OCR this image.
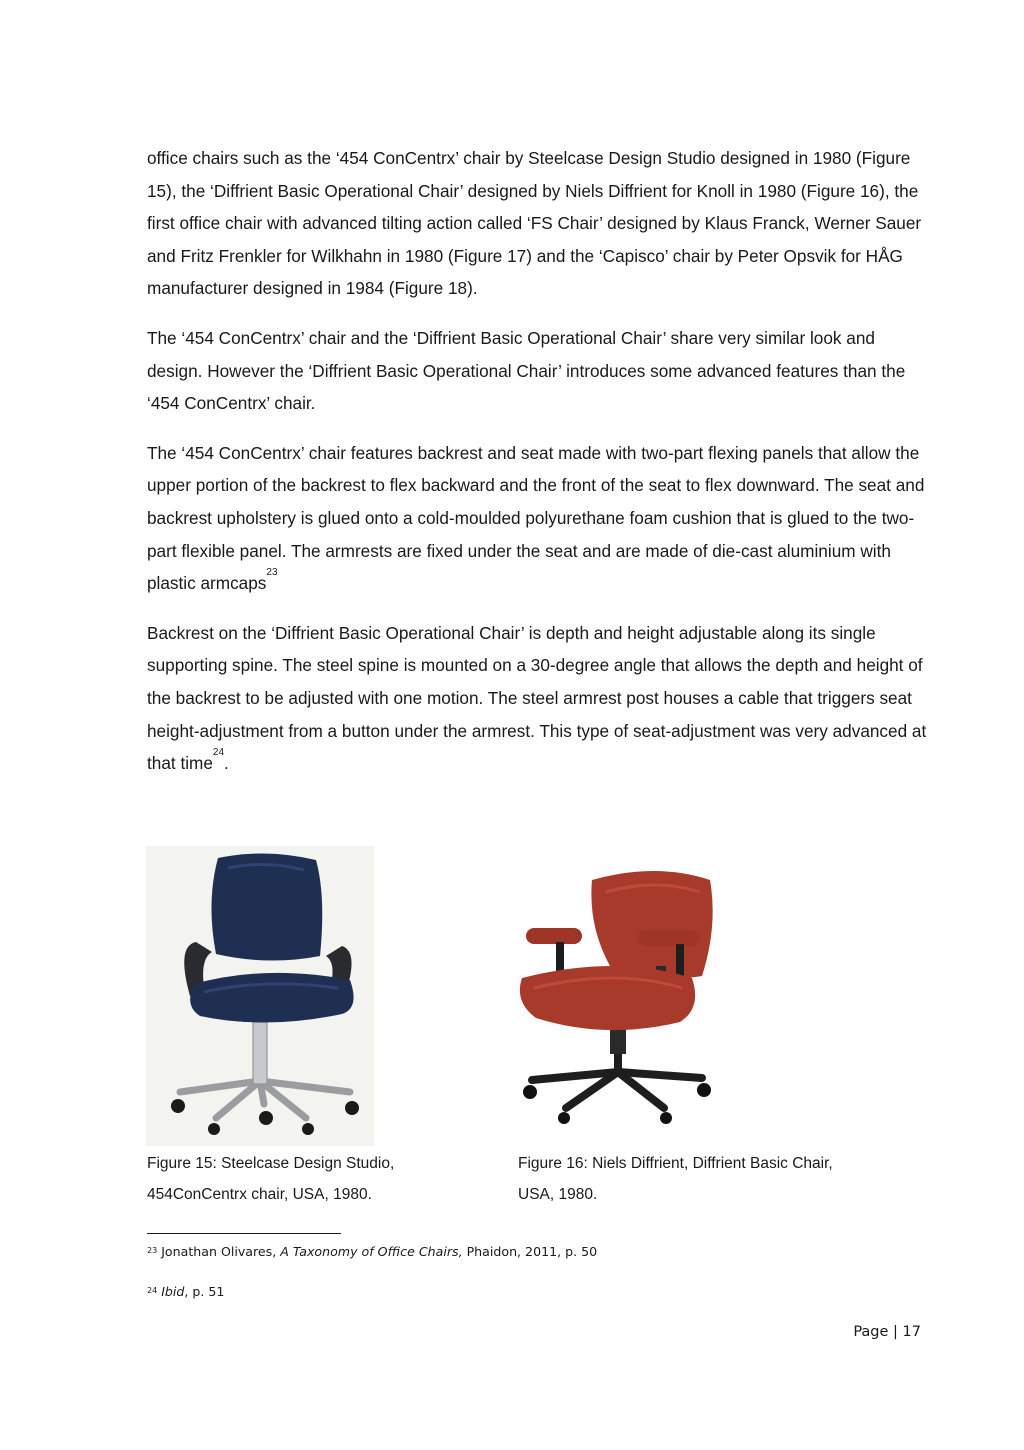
office chairs such as the ‘454 ConCentrx’ chair by Steelcase Design Studio designed in 1980 (Figure 15), the ‘Diffrient Basic Operational Chair’ designed by Niels Diffrient for Knoll in 1980 (Figure 16), the first office chair with advanced tilting action called ‘FS Chair’ designed by Klaus Franck, Werner Sauer and Fritz Frenkler for Wilkhahn in 1980 (Figure 17) and the ‘Capisco’ chair by Peter Opsvik for HÅG manufacturer designed in 1984 (Figure 18).

The ‘454 ConCentrx’ chair and the ‘Diffrient Basic Operational Chair’ share very similar look and design. However the ‘Diffrient Basic Operational Chair’ introduces some advanced features than the ‘454 ConCentrx’ chair.

The ‘454 ConCentrx’ chair features backrest and seat made with two-part flexing panels that allow the upper portion of the backrest to flex backward and the front of the seat to flex downward. The seat and backrest upholstery is glued onto a cold-moulded polyurethane foam cushion that is glued to the two-part flexible panel. The armrests are fixed under the seat and are made of die-cast aluminium with plastic armcaps$^{23}$

Backrest on the ‘Diffrient Basic Operational Chair’ is depth and height adjustable along its single supporting spine. The steel spine is mounted on a 30-degree angle that allows the depth and height of the backrest to be adjusted with one motion. The steel armrest post houses a cable that triggers seat height-adjustment from a button under the armrest. This type of seat-adjustment was very advanced at that time$^{24}$.

Figure 15: Steelcase Design Studio,
454ConCentrx chair, USA, 1980.
Figure 16: Niels Diffrient, Diffrient Basic Chair,
USA, 1980.
$^{23}$ Jonathan Olivares, A Taxonomy of Office Chairs, Phaidon, 2011, p. 50
$^{24}$ Ibid, p. 51
Page | 17
